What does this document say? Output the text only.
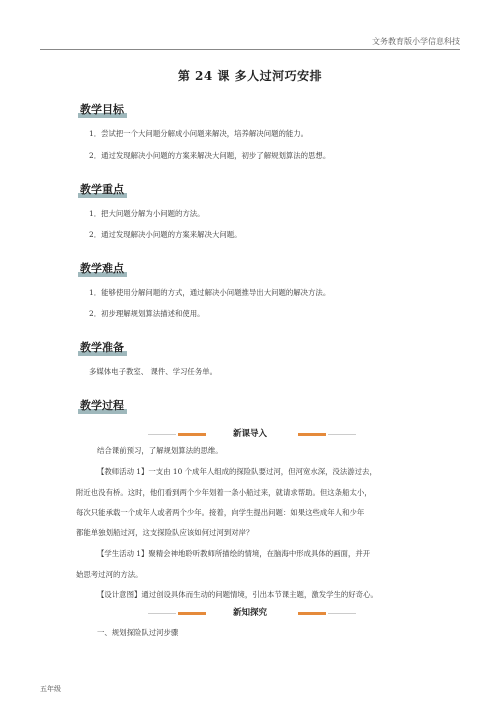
文务教育版小学信息科技
第 24 课 多人过河巧安排
教学目标
1．尝试把一个大问题分解成小问题来解决，培养解决问题的能力。
2．通过发现解决小问题的方案来解决大问题，初步了解规划算法的思想。
教学重点
1．把大问题分解为小问题的方法。
2．通过发现解决小问题的方案来解决大问题。
教学难点
1．能够使用分解问题的方式，通过解决小问题推导出大问题的解决方法。
2．初步理解规划算法描述和使用。
教学准备
多媒体电子教室、 课件、学习任务单。
教学过程
新课导入
结合课前预习，了解规划算法的思维。
【教师活动 1】一支由 10 个成年人组成的探险队要过河，但河宽水深，没法游过去，
附近也没有桥。这时，他们看到两个少年划着一条小船过来，就请求帮助。但这条船太小，
每次只能承载一个成年人或者两个少年。接着，向学生提出问题：如果这些成年人和少年
都能单独划船过河，这支探险队应该如何过河到对岸？
【学生活动 1】聚精会神地聆听教师所描绘的情境，在脑海中形成具体的画面，并开
始思考过河的方法。
【设计意图】通过创设具体而生动的问题情境，引出本节课主题，激发学生的好奇心。
新知探究
一、规划探险队过河步骤
五年级
